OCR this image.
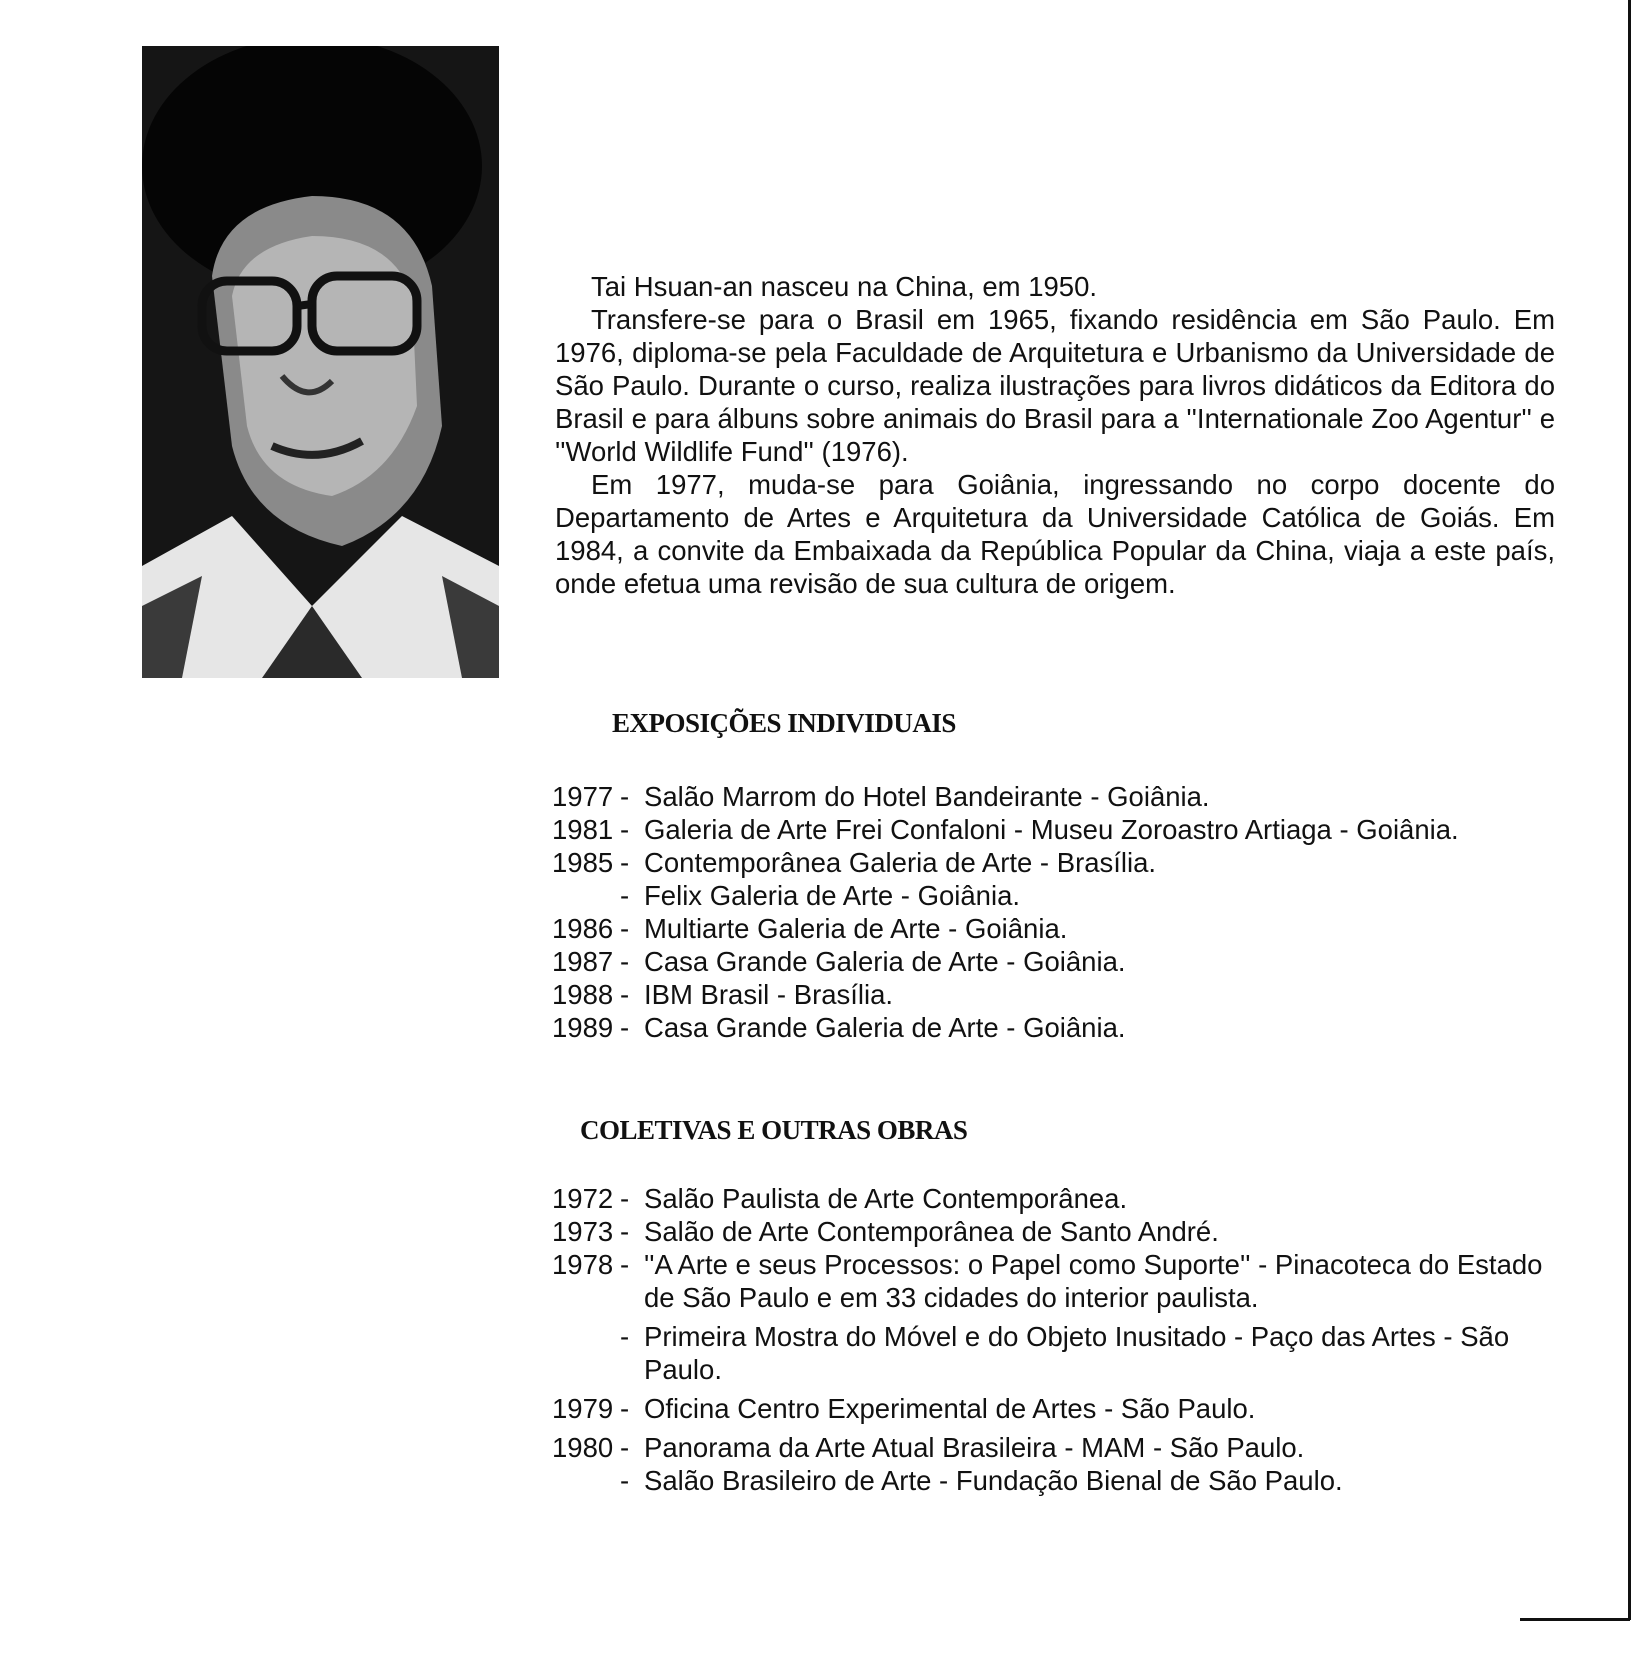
Tai Hsuan-an nasceu na China, em 1950.

Transfere-se para o Brasil em 1965, fixando residência em São Paulo. Em 1976, diploma-se pela Faculdade de Arquitetura e Urbanismo da Universidade de São Paulo. Durante o curso, realiza ilustrações para livros didáticos da Editora do Brasil e para álbuns sobre animais do Brasil para a ''Internationale Zoo Agentur'' e ''World Wildlife Fund'' (1976).

Em 1977, muda-se para Goiânia, ingressando no corpo docente do Departamento de Artes e Arquitetura da Universidade Católica de Goiás. Em 1984, a convite da Embaixada da República Popular da China, viaja a este país, onde efetua uma revisão de sua cultura de origem.

EXPOSIÇÕES INDIVIDUAIS
1977 - Salão Marrom do Hotel Bandeirante - Goiânia.
1981 - Galeria de Arte Frei Confaloni - Museu Zoroastro Artiaga - Goiânia.
1985 - Contemporânea Galeria de Arte - Brasília.
- Felix Galeria de Arte - Goiânia.
1986 - Multiarte Galeria de Arte - Goiânia.
1987 - Casa Grande Galeria de Arte - Goiânia.
1988 - IBM Brasil - Brasília.
1989 - Casa Grande Galeria de Arte - Goiânia.
COLETIVAS E OUTRAS OBRAS
1972 - Salão Paulista de Arte Contemporânea.
1973 - Salão de Arte Contemporânea de Santo André.
1978 - ''A Arte e seus Processos: o Papel como Suporte'' - Pinacoteca do Estado de São Paulo e em 33 cidades do interior paulista.
- Primeira Mostra do Móvel e do Objeto Inusitado - Paço das Artes - São Paulo.
1979 - Oficina Centro Experimental de Artes - São Paulo.
1980 - Panorama da Arte Atual Brasileira - MAM - São Paulo.
- Salão Brasileiro de Arte - Fundação Bienal de São Paulo.
